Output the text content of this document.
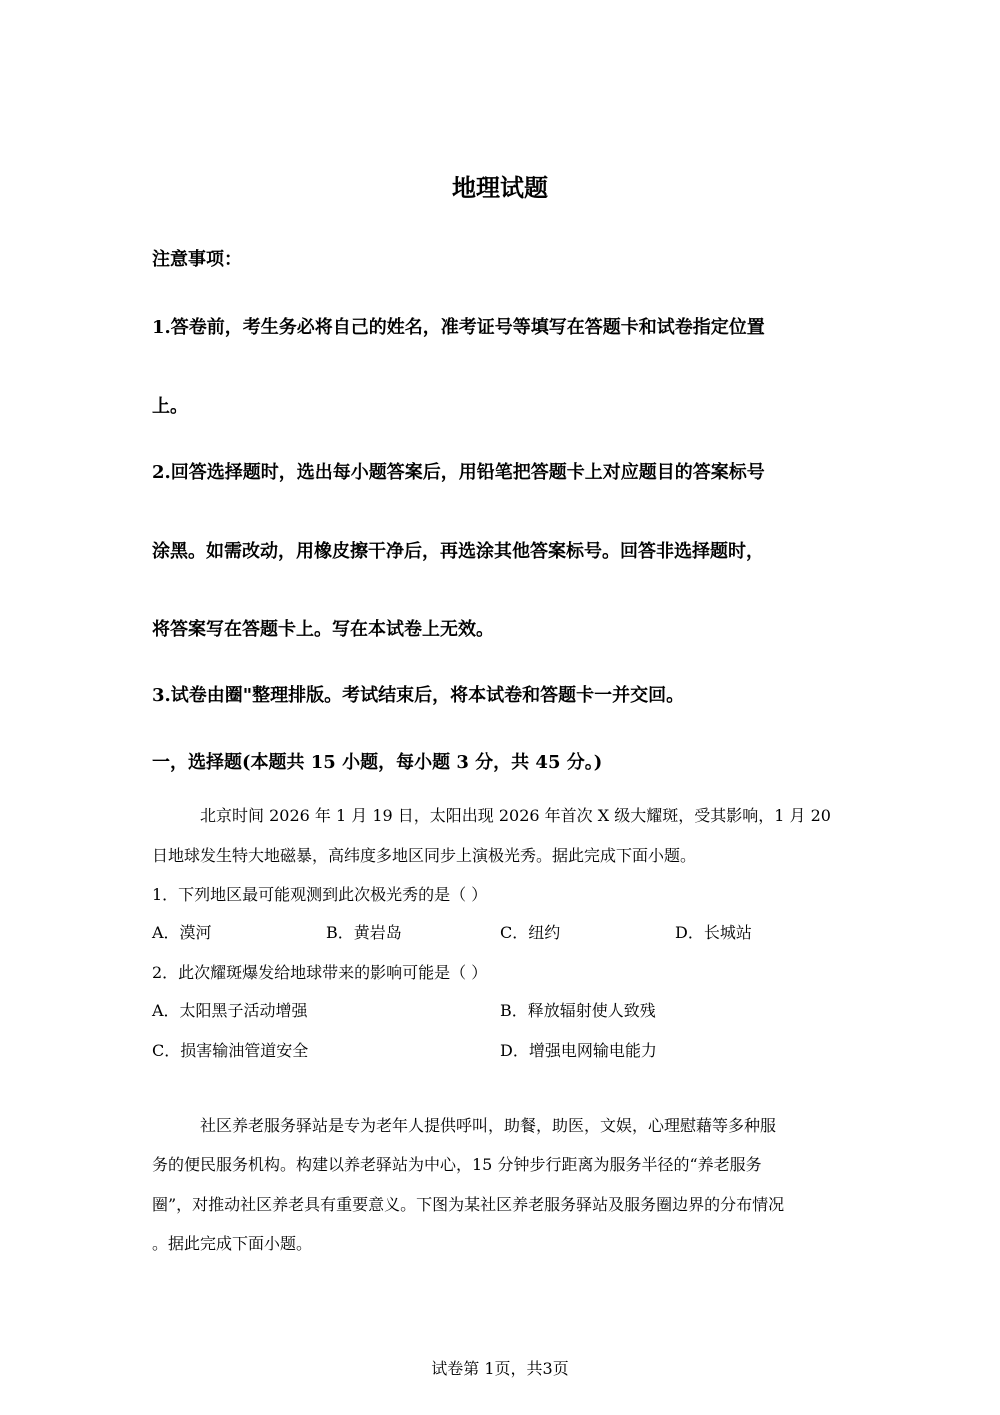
地理试题

注意事项：

1.答卷前，考生务必将自己的姓名，准考证号等填写在答题卡和试卷指定位置

上。

2.回答选择题时，选出每小题答案后，用铅笔把答题卡上对应题目的答案标号

涂黑。如需改动，用橡皮擦干净后，再选涂其他答案标号。回答非选择题时，

将答案写在答题卡上。写在本试卷上无效。

3.试卷由圈"整理排版。考试结束后，将本试卷和答题卡一并交回。

一，选择题(本题共 15 小题，每小题 3 分，共 45 分。)

北京时间 2026 年 1 月 19 日，太阳出现 2026 年首次 X 级大耀斑，受其影响，1 月 20

日地球发生特大地磁暴，高纬度多地区同步上演极光秀。据此完成下面小题。

1．下列地区最可能观测到此次极光秀的是（ ）

A．漠河	B．黄岩岛	C．纽约	D．长城站

2．此次耀斑爆发给地球带来的影响可能是（ ）

A．太阳黑子活动增强	B．释放辐射使人致残

C．损害输油管道安全	D．增强电网输电能力

社区养老服务驿站是专为老年人提供呼叫，助餐，助医，文娱，心理慰藉等多种服

务的便民服务机构。构建以养老驿站为中心，15 分钟步行距离为服务半径的“养老服务

圈”，对推动社区养老具有重要意义。下图为某社区养老服务驿站及服务圈边界的分布情况

。据此完成下面小题。

试卷第 1页，共3页
